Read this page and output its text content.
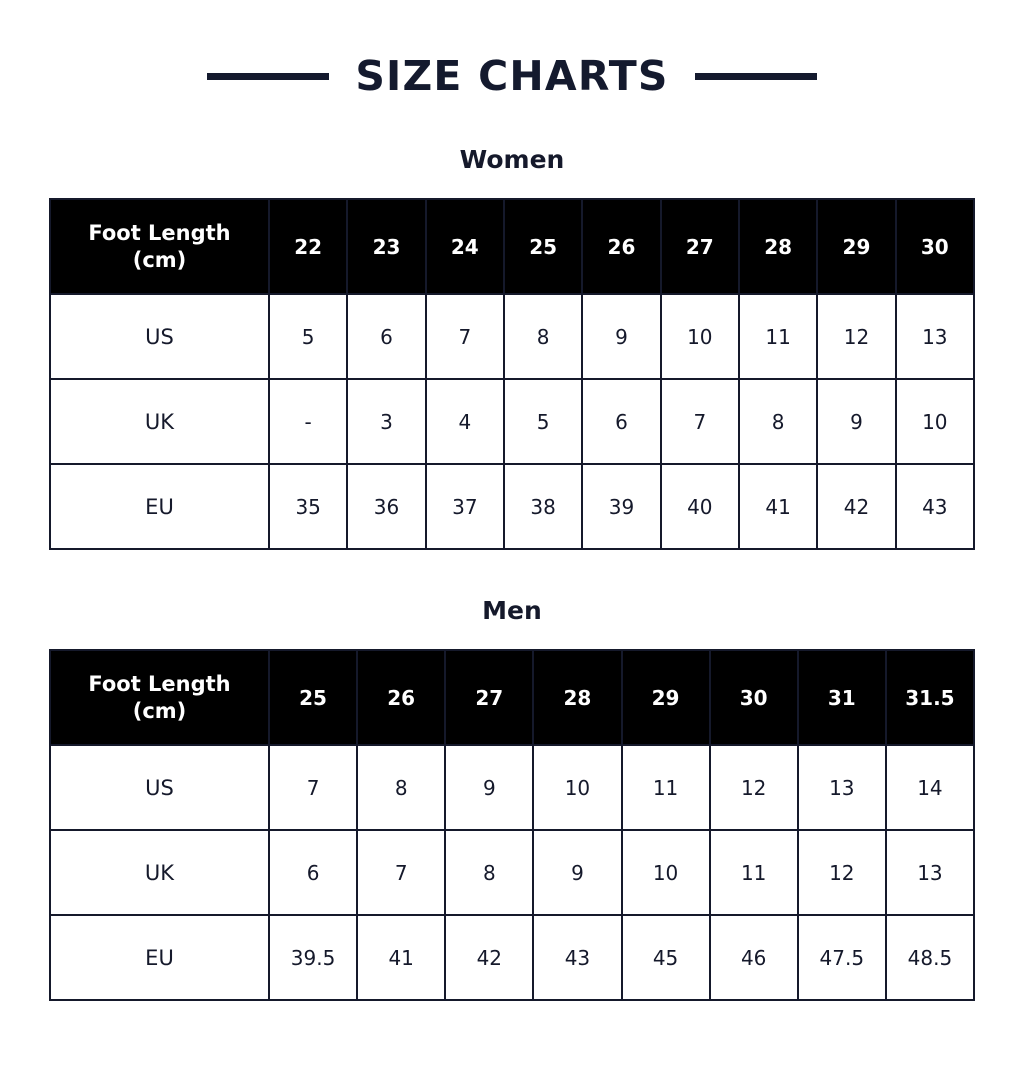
SIZE CHARTS
Women
Foot Length
(cm)	22	23	24	25	26	27	28	29	30
US	5	6	7	8	9	10	11	12	13
UK	-	3	4	5	6	7	8	9	10
EU	35	36	37	38	39	40	41	42	43
Men
Foot Length
(cm)	25	26	27	28	29	30	31	31.5
US	7	8	9	10	11	12	13	14
UK	6	7	8	9	10	11	12	13
EU	39.5	41	42	43	45	46	47.5	48.5
